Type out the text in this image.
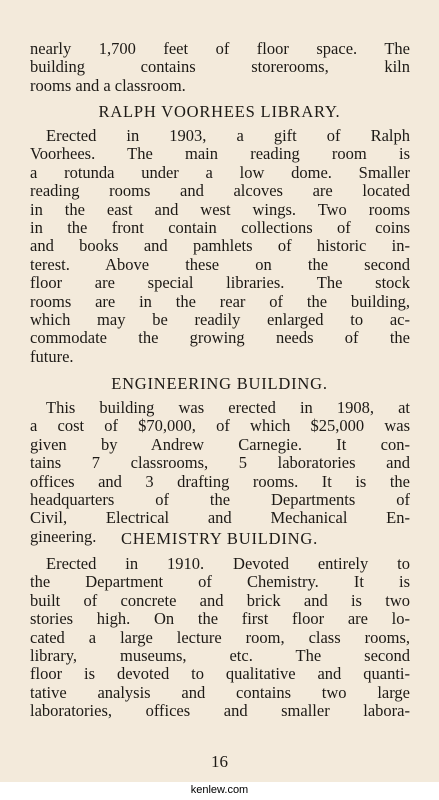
nearly 1,700 feet of floor space. The
building contains storerooms, kiln
rooms and a classroom.
RALPH VOORHEES LIBRARY.
Erected in 1903, a gift of Ralph
Voorhees. The main reading room is
a rotunda under a low dome. Smaller
reading rooms and alcoves are located
in the east and west wings. Two rooms
in the front contain collections of coins
and books and pamhlets of historic in-
terest. Above these on the second
floor are special libraries. The stock
rooms are in the rear of the building,
which may be readily enlarged to ac-
commodate the growing needs of the
future.
ENGINEERING BUILDING.
This building was erected in 1908, at
a cost of $70,000, of which $25,000 was
given by Andrew Carnegie. It con-
tains 7 classrooms, 5 laboratories and
offices and 3 drafting rooms. It is the
headquarters of the Departments of
Civil, Electrical and Mechanical En-
gineering.	CHEMISTRY BUILDING.
Erected in 1910. Devoted entirely to
the Department of Chemistry. It is
built of concrete and brick and is two
stories high. On the first floor are lo-
cated a large lecture room, class rooms,
library, museums, etc. The second
floor is devoted to qualitative and quanti-
tative analysis and contains two large
laboratories, offices and smaller labora-
16
kenlew.com
